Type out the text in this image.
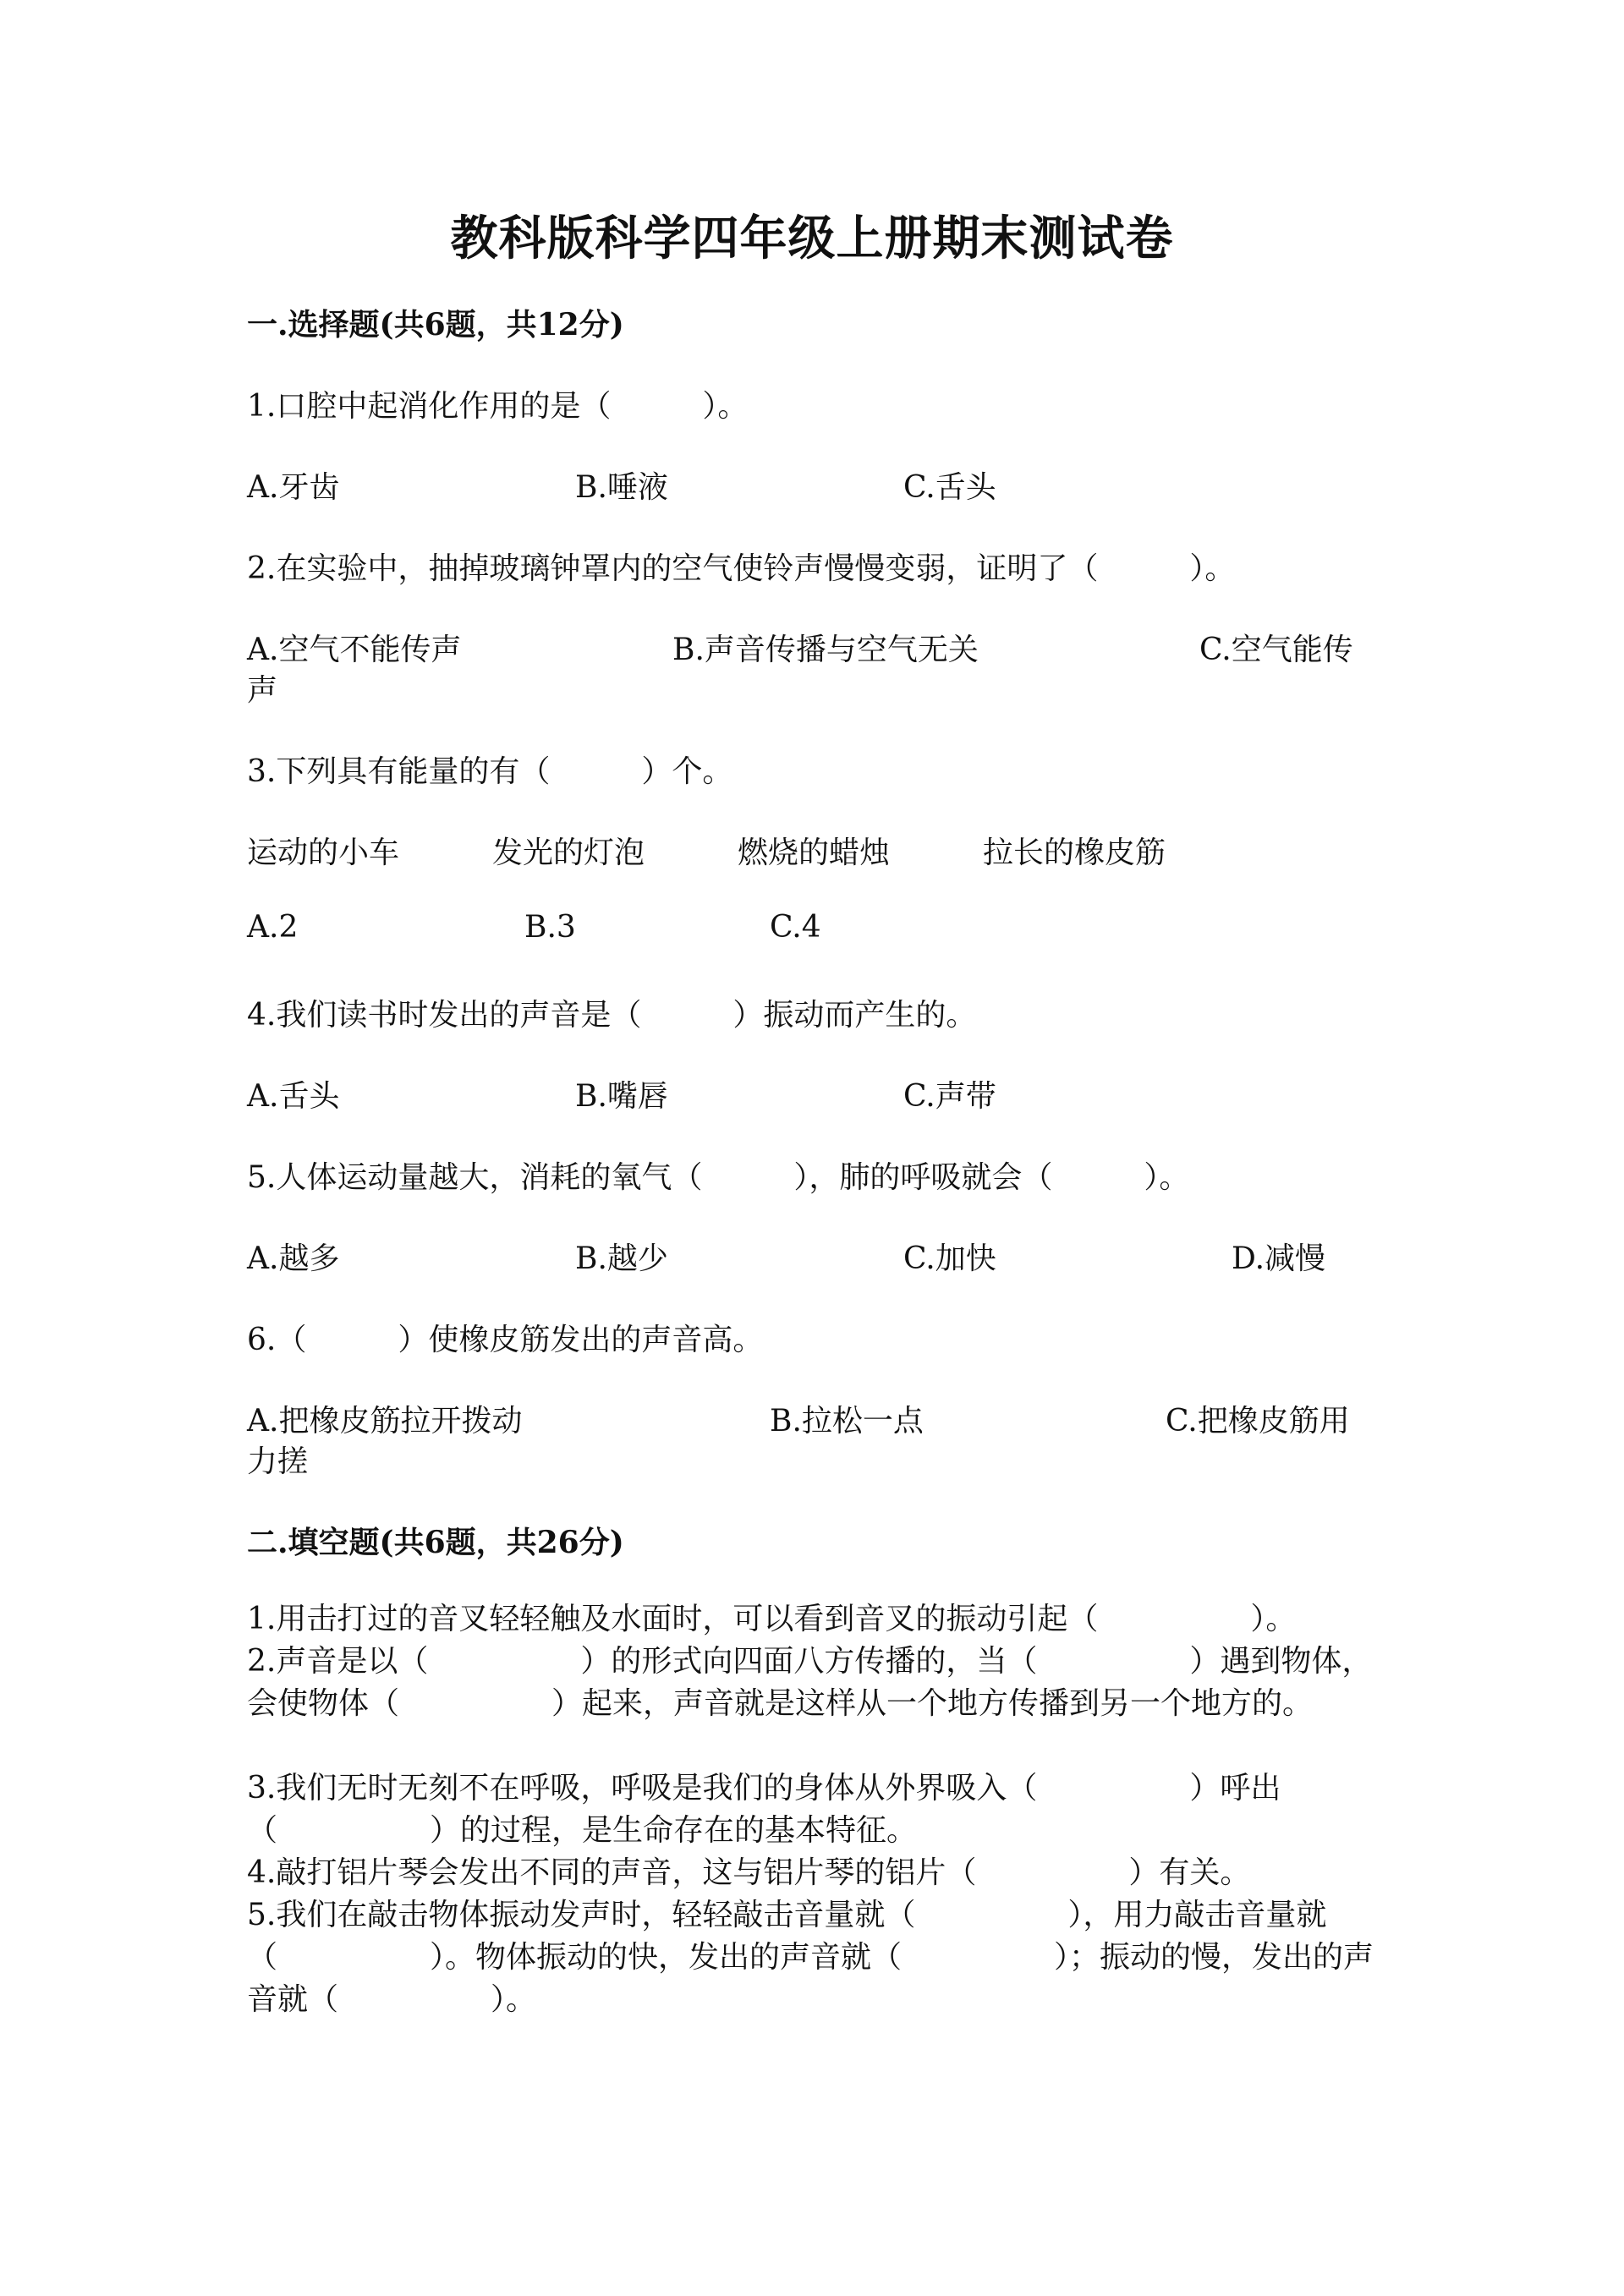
教科版科学四年级上册期末测试卷
一.选择题(共6题，共12分)
1.口腔中起消化作用的是（　　　）。
A.牙齿	B.唾液	C.舌头
2.在实验中，抽掉玻璃钟罩内的空气使铃声慢慢变弱，证明了（　　　）。
A.空气不能传声	B.声音传播与空气无关	C.空气能传
声
3.下列具有能量的有（　　　）个。
运动的小车	发光的灯泡	燃烧的蜡烛	拉长的橡皮筋
A.2	B.3	C.4
4.我们读书时发出的声音是（　　　）振动而产生的。
A.舌头	B.嘴唇	C.声带
5.人体运动量越大，消耗的氧气（　　　），肺的呼吸就会（　　　）。
A.越多	B.越少	C.加快	D.减慢
6.（　　　）使橡皮筋发出的声音高。
A.把橡皮筋拉开拨动	B.拉松一点	C.把橡皮筋用
力搓
二.填空题(共6题，共26分)
1.用击打过的音叉轻轻触及水面时，可以看到音叉的振动引起（　　　　　）。
2.声音是以（　　　　　）的形式向四面八方传播的，当（　　　　　）遇到物体，会使物体（　　　　　）起来，声音就是这样从一个地方传播到另一个地方的。
3.我们无时无刻不在呼吸，呼吸是我们的身体从外界吸入（　　　　　）呼出（　　　　　）的过程，是生命存在的基本特征。
4.敲打铝片琴会发出不同的声音，这与铝片琴的铝片（　　　　　）有关。
5.我们在敲击物体振动发声时，轻轻敲击音量就（　　　　　），用力敲击音量就（　　　　　）。物体振动的快，发出的声音就（　　　　　）；振动的慢，发出的声音就（　　　　　）。
